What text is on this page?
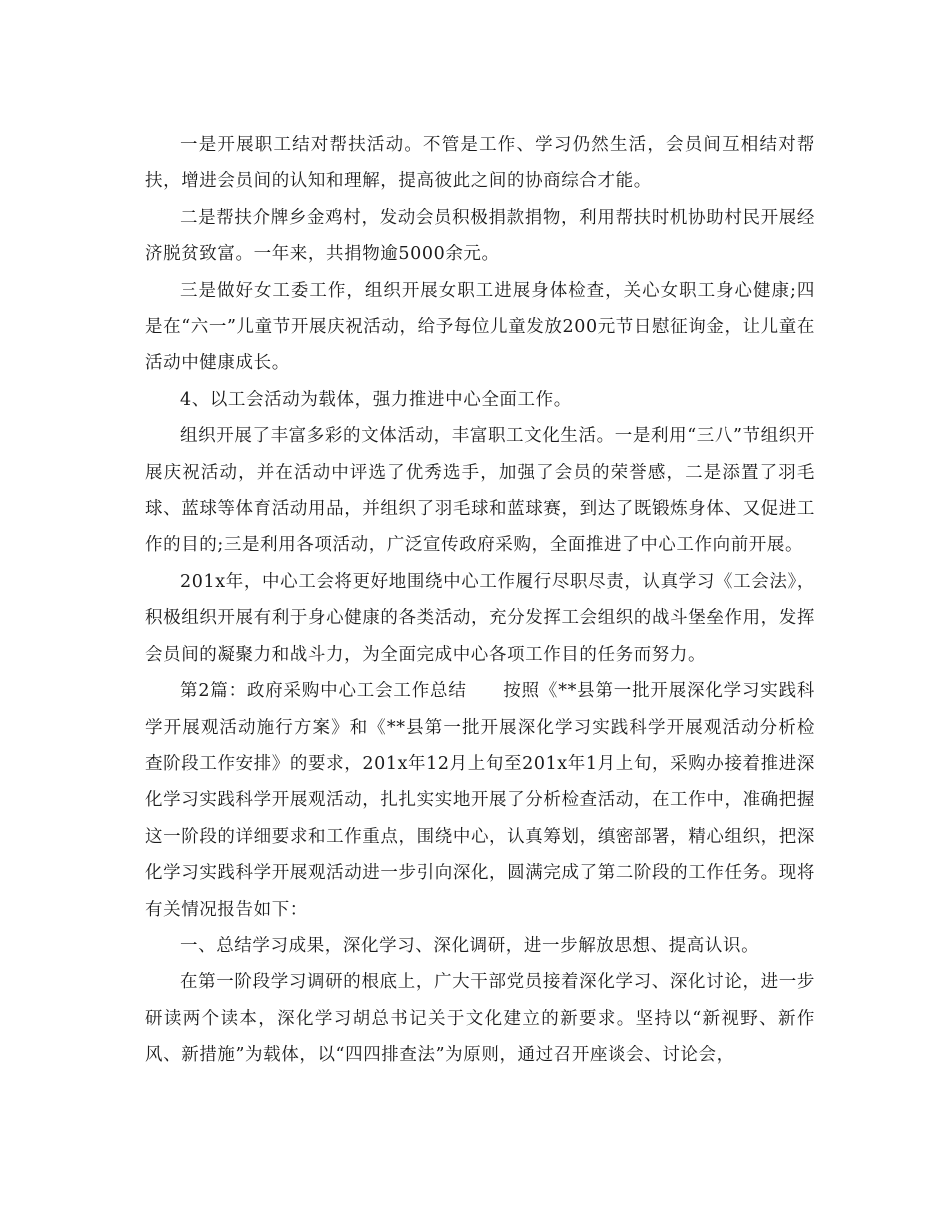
一是开展职工结对帮扶活动。不管是工作、学习仍然生活，会员间互相结对帮扶，增进会员间的认知和理解，提高彼此之间的协商综合才能。

二是帮扶介牌乡金鸡村，发动会员积极捐款捐物，利用帮扶时机协助村民开展经济脱贫致富。一年来，共捐物逾5000余元。

三是做好女工委工作，组织开展女职工进展身体检查，关心女职工身心健康;四是在“六一”儿童节开展庆祝活动，给予每位儿童发放200元节日慰征询金，让儿童在活动中健康成长。

4、以工会活动为载体，强力推进中心全面工作。

组织开展了丰富多彩的文体活动，丰富职工文化生活。一是利用“三八”节组织开展庆祝活动，并在活动中评选了优秀选手，加强了会员的荣誉感，二是添置了羽毛球、蓝球等体育活动用品，并组织了羽毛球和蓝球赛，到达了既锻炼身体、又促进工作的目的;三是利用各项活动，广泛宣传政府采购，全面推进了中心工作向前开展。

201x年，中心工会将更好地围绕中心工作履行尽职尽责，认真学习《工会法》，积极组织开展有利于身心健康的各类活动，充分发挥工会组织的战斗堡垒作用，发挥会员间的凝聚力和战斗力，为全面完成中心各项工作目的任务而努力。

第2篇：政府采购中心工会工作总结　　按照《**县第一批开展深化学习实践科学开展观活动施行方案》和《**县第一批开展深化学习实践科学开展观活动分析检查阶段工作安排》的要求，201x年12月上旬至201x年1月上旬，采购办接着推进深化学习实践科学开展观活动，扎扎实实地开展了分析检查活动，在工作中，准确把握这一阶段的详细要求和工作重点，围绕中心，认真筹划，缜密部署，精心组织，把深化学习实践科学开展观活动进一步引向深化，圆满完成了第二阶段的工作任务。现将有关情况报告如下：

一、总结学习成果，深化学习、深化调研，进一步解放思想、提高认识。

在第一阶段学习调研的根底上，广大干部党员接着深化学习、深化讨论，进一步研读两个读本，深化学习胡总书记关于文化建立的新要求。坚持以“新视野、新作风、新措施”为载体，以“四四排查法”为原则，通过召开座谈会、讨论会，
